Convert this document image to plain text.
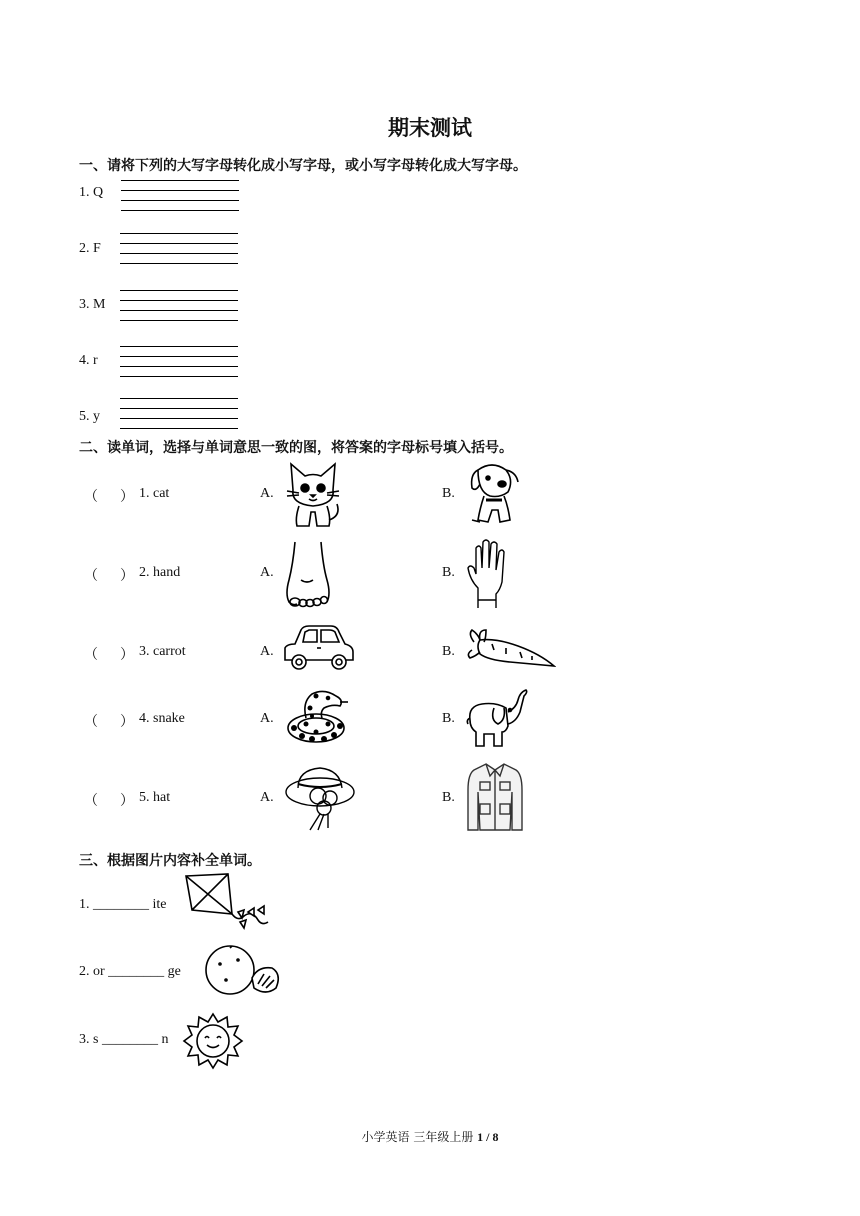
期末测试
一、请将下列的大写字母转化成小写字母，或小写字母转化成大写字母。
1. Q
2. F
3. M
4. r
5. y
二、读单词，选择与单词意思一致的图，将答案的字母标号填入括号。
（ ） 1. cat	A.	B.
（ ） 2. hand	A.	B.
（ ） 3. carrot	A.	B.
（ ） 4. snake	A.	B.
（ ） 5. hat	A.	B.
三、根据图片内容补全单词。
1. ________ ite
2. or ________ ge
3. s ________ n
小学英语 三年级上册 1 / 8
